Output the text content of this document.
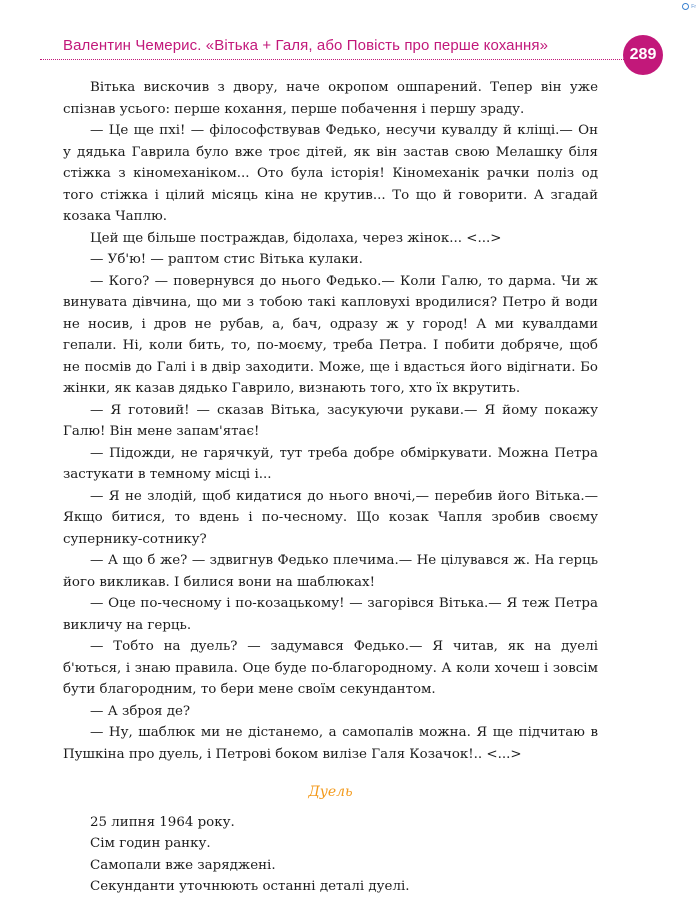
Fr
Валентин Чемерис. «Вітька + Галя, або Повість про перше кохання»
289

Вітька вискочив з двору, наче окропом ошпарений. Тепер він уже спізнав усього: перше кохання, перше побачення і першу зраду.

— Це ще пхі! — філософствував Федько, несучи кувалду й кліщі.— Он у дядька Гаврила було вже троє дітей, як він застав свою Мелашку біля стіжка з кіномеханіком... Ото була історія! Кіномеханік рачки поліз од того стіжка і цілий місяць кіна не крутив... То що й говорити. А згадай козака Чаплю.

Цей ще більше постраждав, бідолаха, через жінок... <...>

— Уб'ю! — раптом стис Вітька кулаки.

— Кого? — повернувся до нього Федько.— Коли Галю, то дарма. Чи ж винувата дівчина, що ми з тобою такі капловухі вродилися? Петро й води не носив, і дров не рубав, а, бач, одразу ж у город! А ми кувалдами гепали. Ні, коли бить, то, по-моєму, треба Петра. І побити добряче, щоб не посмів до Галі і в двір заходити. Може, ще і вдасться його відігнати. Бо жінки, як казав дядько Гаврило, визнають того, хто їх вкрутить.

— Я готовий! — сказав Вітька, засукуючи рукави.— Я йому покажу Галю! Він мене запам'ятає!

— Підожди, не гарячкуй, тут треба добре обміркувати. Можна Петра застукати в темному місці і...

— Я не злодій, щоб кидатися до нього вночі,— перебив його Вітька.— Якщо битися, то вдень і по-чесному. Що козак Чапля зробив своєму супернику-сотнику?

— А що б же? — здвигнув Федько плечима.— Не цілувався ж. На герць його викликав. І билися вони на шаблюках!

— Оце по-чесному і по-козацькому! — загорівся Вітька.— Я теж Петра викличу на герць.

— Тобто на дуель? — задумався Федько.— Я читав, як на дуелі б'ються, і знаю правила. Оце буде по-благородному. А коли хочеш і зовсім бути благородним, то бери мене своїм секундантом.

— А зброя де?

— Ну, шаблюк ми не дістанемо, а самопалів можна. Я ще підчитаю в Пушкіна про дуель, і Петрові боком вилізе Галя Козачок!.. <...>

Дуель

25 липня 1964 року.

Сім годин ранку.

Самопали вже заряджені.

Секунданти уточнюють останні деталі дуелі.
